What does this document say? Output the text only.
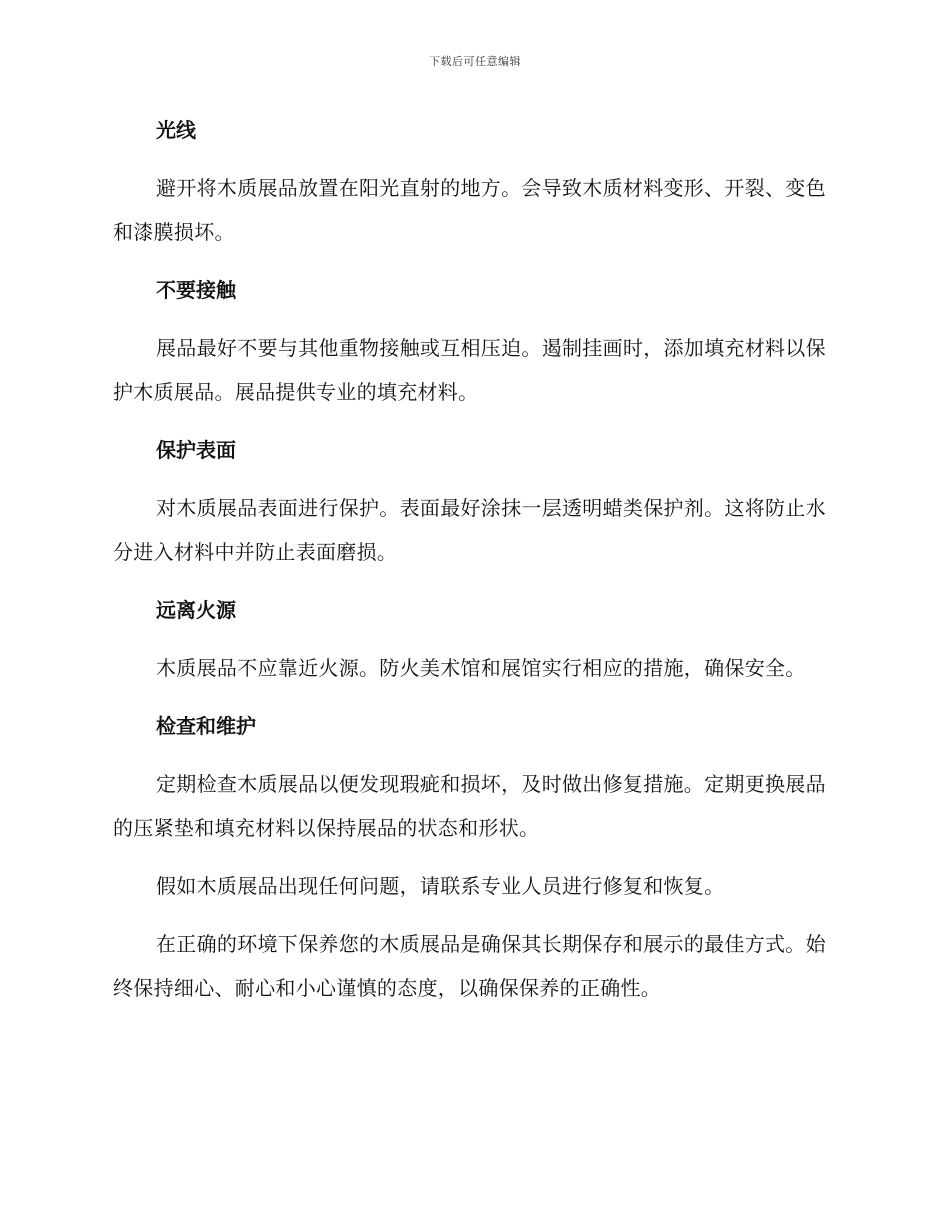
下载后可任意编辑
光线

避开将木质展品放置在阳光直射的地方。会导致木质材料变形、开裂、变色和漆膜损坏。

不要接触

展品最好不要与其他重物接触或互相压迫。遏制挂画时，添加填充材料以保护木质展品。展品提供专业的填充材料。

保护表面

对木质展品表面进行保护。表面最好涂抹一层透明蜡类保护剂。这将防止水分进入材料中并防止表面磨损。

远离火源

木质展品不应靠近火源。防火美术馆和展馆实行相应的措施，确保安全。

检查和维护

定期检查木质展品以便发现瑕疵和损坏，及时做出修复措施。定期更换展品的压紧垫和填充材料以保持展品的状态和形状。

假如木质展品出现任何问题，请联系专业人员进行修复和恢复。

在正确的环境下保养您的木质展品是确保其长期保存和展示的最佳方式。始终保持细心、耐心和小心谨慎的态度，以确保保养的正确性。
